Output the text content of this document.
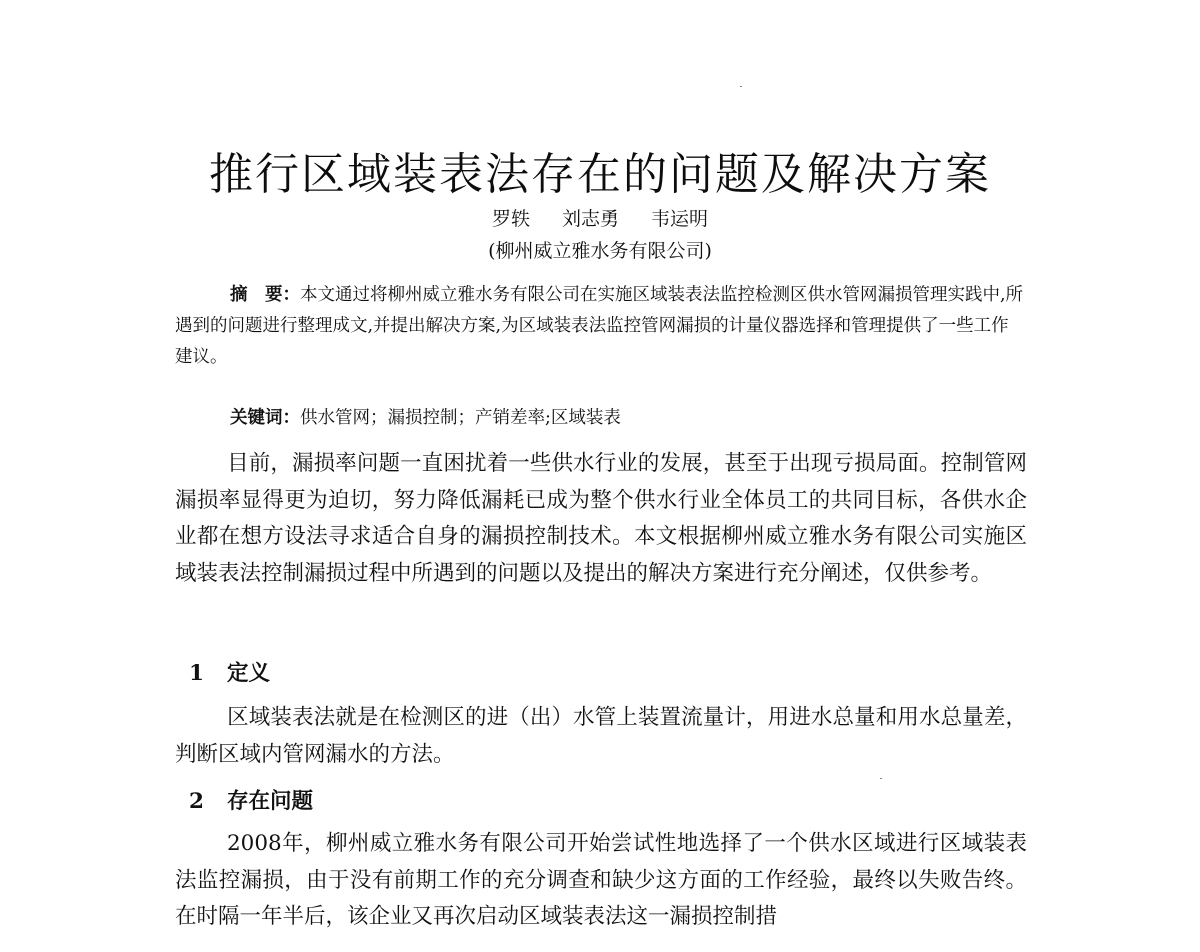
推行区域装表法存在的问题及解决方案
罗轶 刘志勇 韦运明
(柳州威立雅水务有限公司)

摘　要：本文通过将柳州威立雅水务有限公司在实施区域装表法监控检测区供水管网漏损管理实践中,所遇到的问题进行整理成文,并提出解决方案,为区域装表法监控管网漏损的计量仪器选择和管理提供了一些工作建议。

关键词：供水管网；漏损控制；产销差率;区域装表

目前，漏损率问题一直困扰着一些供水行业的发展，甚至于出现亏损局面。控制管网漏损率显得更为迫切，努力降低漏耗已成为整个供水行业全体员工的共同目标，各供水企业都在想方设法寻求适合自身的漏损控制技术。本文根据柳州威立雅水务有限公司实施区域装表法控制漏损过程中所遇到的问题以及提出的解决方案进行充分阐述，仅供参考。

1 定义

区域装表法就是在检测区的进（出）水管上装置流量计，用进水总量和用水总量差，判断区域内管网漏水的方法。

2 存在问题

2008年，柳州威立雅水务有限公司开始尝试性地选择了一个供水区域进行区域装表法监控漏损，由于没有前期工作的充分调查和缺少这方面的工作经验，最终以失败告终。在时隔一年半后，该企业又再次启动区域装表法这一漏损控制措
